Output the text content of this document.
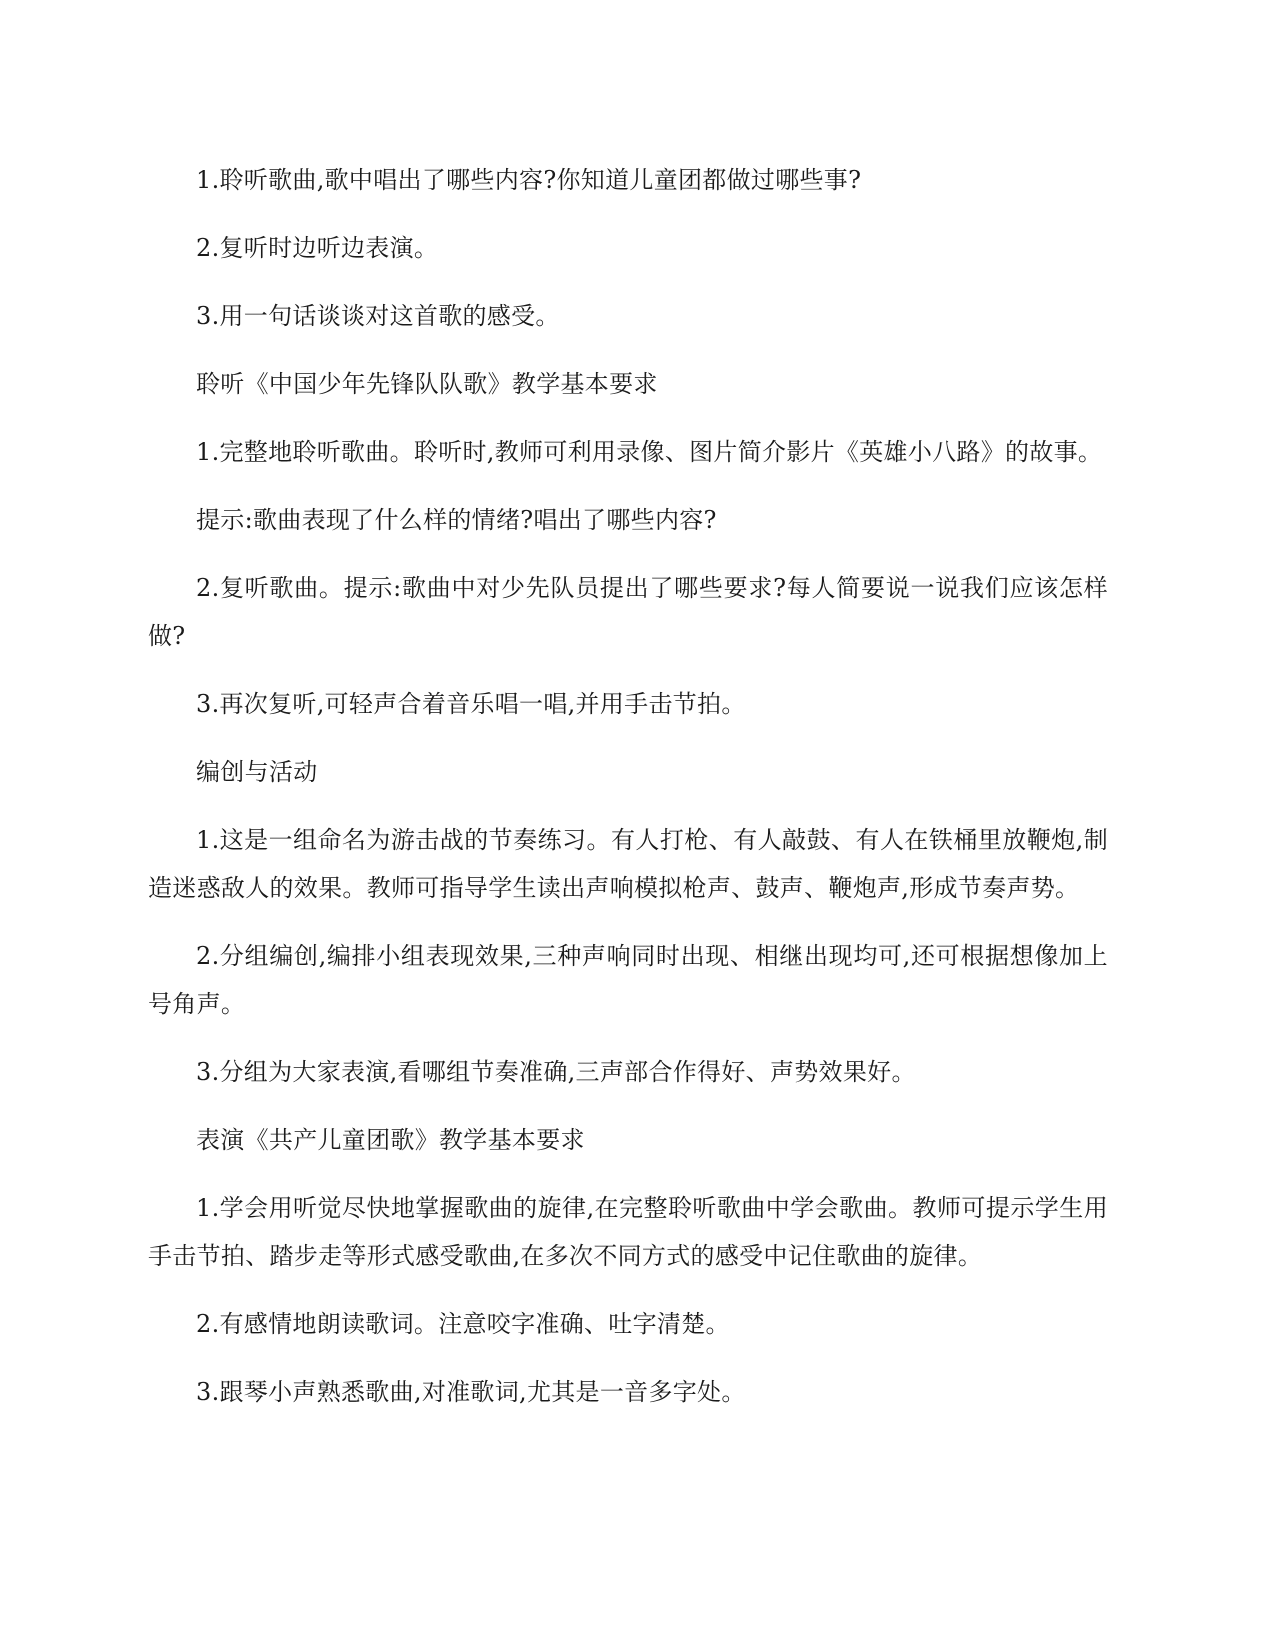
1.聆听歌曲,歌中唱出了哪些内容?你知道儿童团都做过哪些事?

2.复听时边听边表演。

3.用一句话谈谈对这首歌的感受。

聆听《中国少年先锋队队歌》教学基本要求

1.完整地聆听歌曲。聆听时,教师可利用录像、图片简介影片《英雄小八路》的故事。

提示:歌曲表现了什么样的情绪?唱出了哪些内容?

2.复听歌曲。提示:歌曲中对少先队员提出了哪些要求?每人简要说一说我们应该怎样做?

3.再次复听,可轻声合着音乐唱一唱,并用手击节拍。

编创与活动

1.这是一组命名为游击战的节奏练习。有人打枪、有人敲鼓、有人在铁桶里放鞭炮,制造迷惑敌人的效果。教师可指导学生读出声响模拟枪声、鼓声、鞭炮声,形成节奏声势。

2.分组编创,编排小组表现效果,三种声响同时出现、相继出现均可,还可根据想像加上号角声。

3.分组为大家表演,看哪组节奏准确,三声部合作得好、声势效果好。

表演《共产儿童团歌》教学基本要求

1.学会用听觉尽快地掌握歌曲的旋律,在完整聆听歌曲中学会歌曲。教师可提示学生用手击节拍、踏步走等形式感受歌曲,在多次不同方式的感受中记住歌曲的旋律。

2.有感情地朗读歌词。注意咬字准确、吐字清楚。

3.跟琴小声熟悉歌曲,对准歌词,尤其是一音多字处。
